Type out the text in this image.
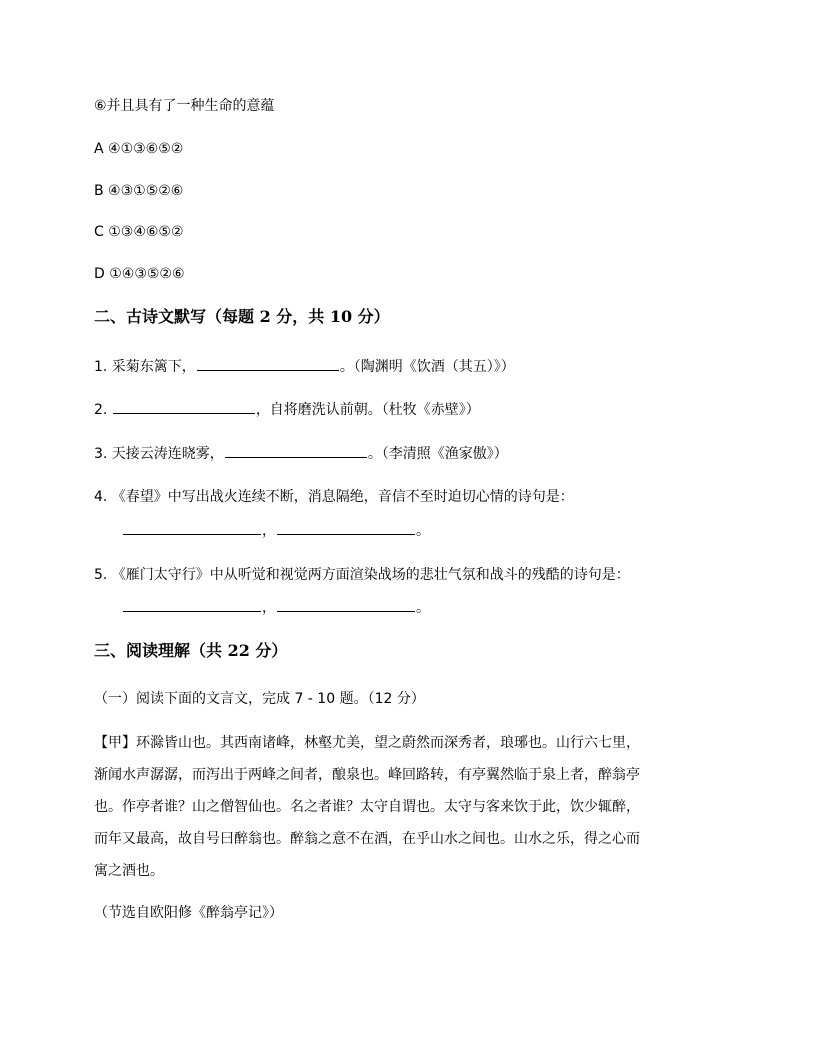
⑥并且具有了一种生命的意蕴
A ④①③⑥⑤②
B ④③①⑤②⑥
C ①③④⑥⑤②
D ①④③⑤②⑥
二、古诗文默写（每题 2 分，共 10 分）
1. 采菊东篱下，	。（陶渊明《饮酒（其五）》）
2.	，自将磨洗认前朝。（杜牧《赤壁》）
3. 天接云涛连晓雾，	。（李清照《渔家傲》）
4. 《春望》中写出战火连续不断，消息隔绝，音信不至时迫切心情的诗句是：
，	。
5. 《雁门太守行》中从听觉和视觉两方面渲染战场的悲壮气氛和战斗的残酷的诗句是：
，	。
三、阅读理解（共 22 分）
（一）阅读下面的文言文，完成 7 - 10 题。（12 分）
【甲】环滁皆山也。其西南诸峰，林壑尤美，望之蔚然而深秀者，琅琊也。山行六七里，
渐闻水声潺潺，而泻出于两峰之间者，酿泉也。峰回路转，有亭翼然临于泉上者，醉翁亭
也。作亭者谁？山之僧智仙也。名之者谁？太守自谓也。太守与客来饮于此，饮少辄醉，
而年又最高，故自号曰醉翁也。醉翁之意不在酒，在乎山水之间也。山水之乐，得之心而
寓之酒也。
（节选自欧阳修《醉翁亭记》）
